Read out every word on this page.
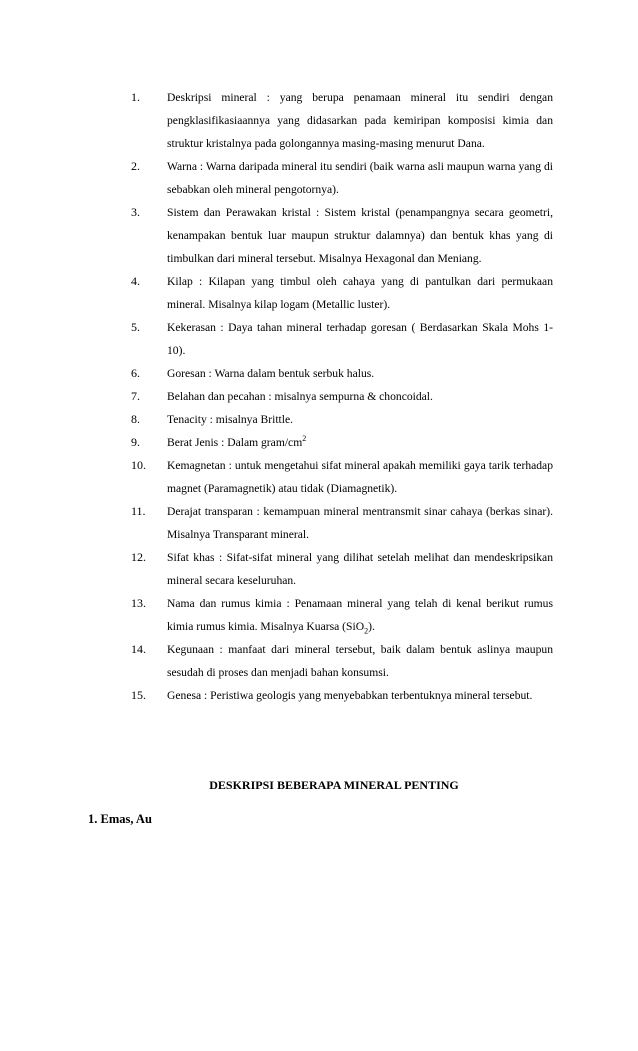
1. Deskripsi mineral : yang berupa penamaan mineral itu sendiri dengan pengklasifikasiaannya yang didasarkan pada kemiripan komposisi kimia dan struktur kristalnya pada golongannya masing-masing menurut Dana.
2. Warna : Warna daripada mineral itu sendiri (baik warna asli maupun warna yang di sebabkan oleh mineral pengotornya).
3. Sistem dan Perawakan kristal : Sistem kristal (penampangnya secara geometri, kenampakan bentuk luar maupun struktur dalamnya) dan bentuk khas yang di timbulkan dari mineral tersebut. Misalnya Hexagonal dan Meniang.
4. Kilap : Kilapan yang timbul oleh cahaya yang di pantulkan dari permukaan mineral. Misalnya kilap logam (Metallic luster).
5. Kekerasan : Daya tahan mineral terhadap goresan ( Berdasarkan Skala Mohs 1-10).
6. Goresan : Warna dalam bentuk serbuk halus.
7. Belahan dan pecahan : misalnya sempurna & choncoidal.
8. Tenacity : misalnya Brittle.
9. Berat Jenis : Dalam gram/$cm^2$
10. Kemagnetan : untuk mengetahui sifat mineral apakah memiliki gaya tarik terhadap magnet (Paramagnetik) atau tidak (Diamagnetik).
11. Derajat transparan : kemampuan mineral mentransmit sinar cahaya (berkas sinar). Misalnya Transparant mineral.
12. Sifat khas : Sifat-sifat mineral yang dilihat setelah melihat dan mendeskripsikan mineral secara keseluruhan.
13. Nama dan rumus kimia : Penamaan mineral yang telah di kenal berikut rumus kimia rumus kimia. Misalnya Kuarsa (SiO$_2$).
14. Kegunaan : manfaat dari mineral tersebut, baik dalam bentuk aslinya maupun sesudah di proses dan menjadi bahan konsumsi.
15. Genesa : Peristiwa geologis yang menyebabkan terbentuknya mineral tersebut.
DESKRIPSI BEBERAPA MINERAL PENTING
1. Emas, Au
